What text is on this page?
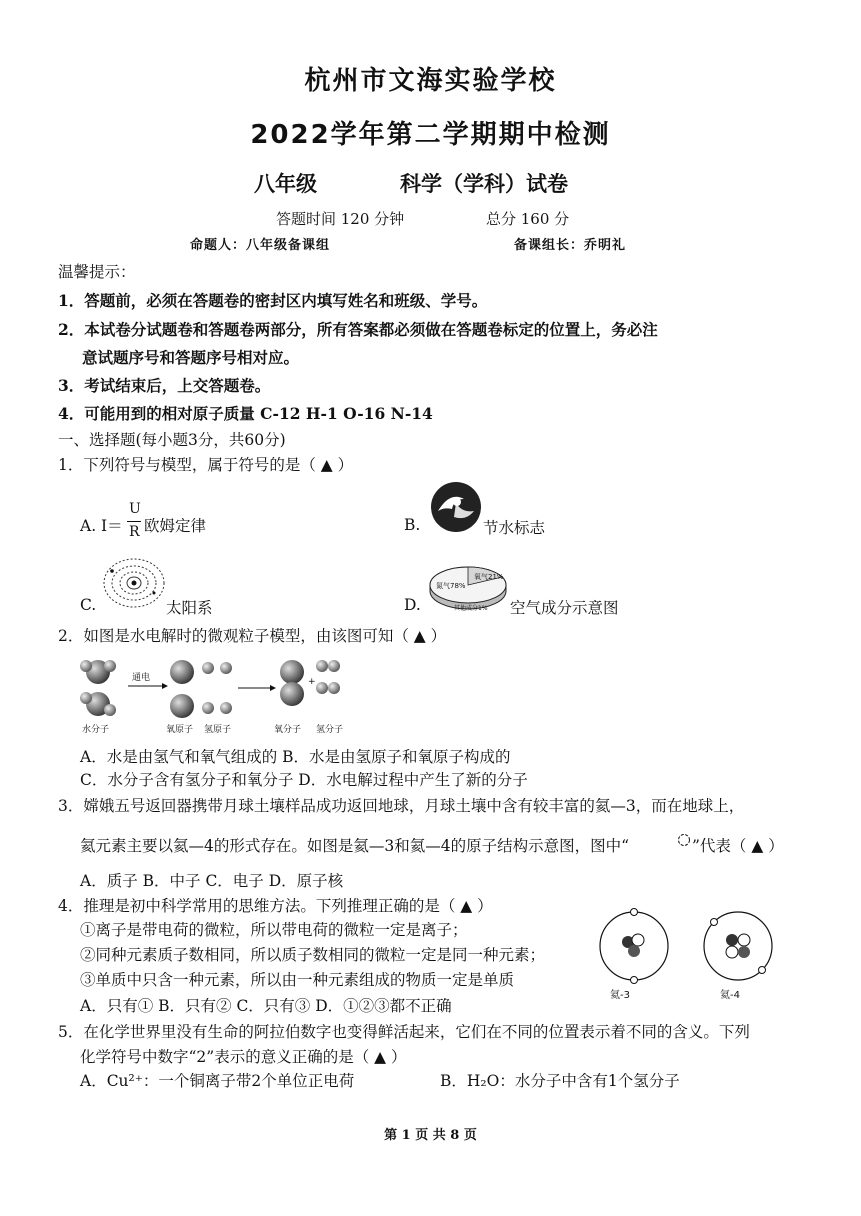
杭州市文海实验学校
2022学年第二学期期中检测
八年级	科学（学科）试卷
答题时间 120 分钟	总分 160 分
命题人：八年级备课组	备课组长：乔明礼
温馨提示：
1．答题前，必须在答题卷的密封区内填写姓名和班级、学号。
2．本试卷分试题卷和答题卷两部分，所有答案都必须做在答题卷标定的位置上，务必注
意试题序号和答题序号相对应。
3．考试结束后，上交答题卷。
4．可能用到的相对原子质量 C-12 H-1 O-16 N-14
一、选择题(每小题3分，共60分)
1．下列符号与模型，属于符号的是（ ▲ ）
A. I＝
U
R 欧姆定律	B.	节水标志
C.	太阳系	D.
氮气78%
氧气21%
其他成分1% 空气成分示意图
2．如图是水电解时的微观粒子模型，由该图可知（ ▲ ）
水分子
通电
氧原子 氢原子
+
氧分子 氢分子
A．水是由氢气和氧气组成的 B．水是由氢原子和氧原子构成的
C．水分子含有氢分子和氧分子 D．水电解过程中产生了新的分子
3．嫦娥五号返回器携带月球土壤样品成功返回地球，月球土壤中含有较丰富的氦—3，而在地球上，
氦元素主要以氦—4的形式存在。如图是氦—3和氦—4的原子结构示意图，图中“	”代表（ ▲ ）
A．质子 B．中子 C．电子 D．原子核
4．推理是初中科学常用的思维方法。下列推理正确的是（ ▲ ）
①离子是带电荷的微粒，所以带电荷的微粒一定是离子；
②同种元素质子数相同，所以质子数相同的微粒一定是同一种元素；
③单质中只含一种元素，所以由一种元素组成的物质一定是单质
A．只有① B．只有② C．只有③ D．①②③都不正确
氦-3	氦-4
5．在化学世界里没有生命的阿拉伯数字也变得鲜活起来，它们在不同的位置表示着不同的含义。下列
化学符号中数字“2”表示的意义正确的是（ ▲ ）
A．Cu²⁺：一个铜离子带2个单位正电荷	B．H₂O：水分子中含有1个氢分子
第 1 页 共 8 页
